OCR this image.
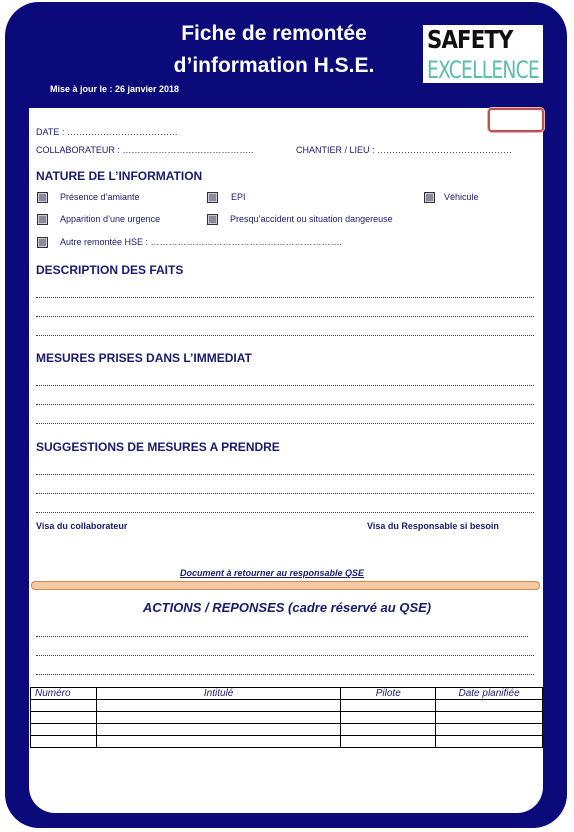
Fiche de remontée
d’information H.S.E.
Mise à jour le : 26 janvier 2018
SAFETY
EXCELLENCE
DATE : ……………………………….
COLLABORATEUR : ……………………………………..	CHANTIER / LIEU : ………………………………………
NATURE DE L’INFORMATION
Présence d’amiante	EPI	Véhicule
Apparition d’une urgence	Presqu’accident ou situation dangereuse
Autre remontée HSE : ……………………………………………………….
DESCRIPTION DES FAITS
MESURES PRISES DANS L’IMMEDIAT
SUGGESTIONS DE MESURES A PRENDRE
Visa du collaborateur	Visa du Responsable si besoin
Document à retourner au responsable QSE
ACTIONS / REPONSES (cadre réservé au QSE)
Numéro	Intitulé	Pilote	Date planifiée
